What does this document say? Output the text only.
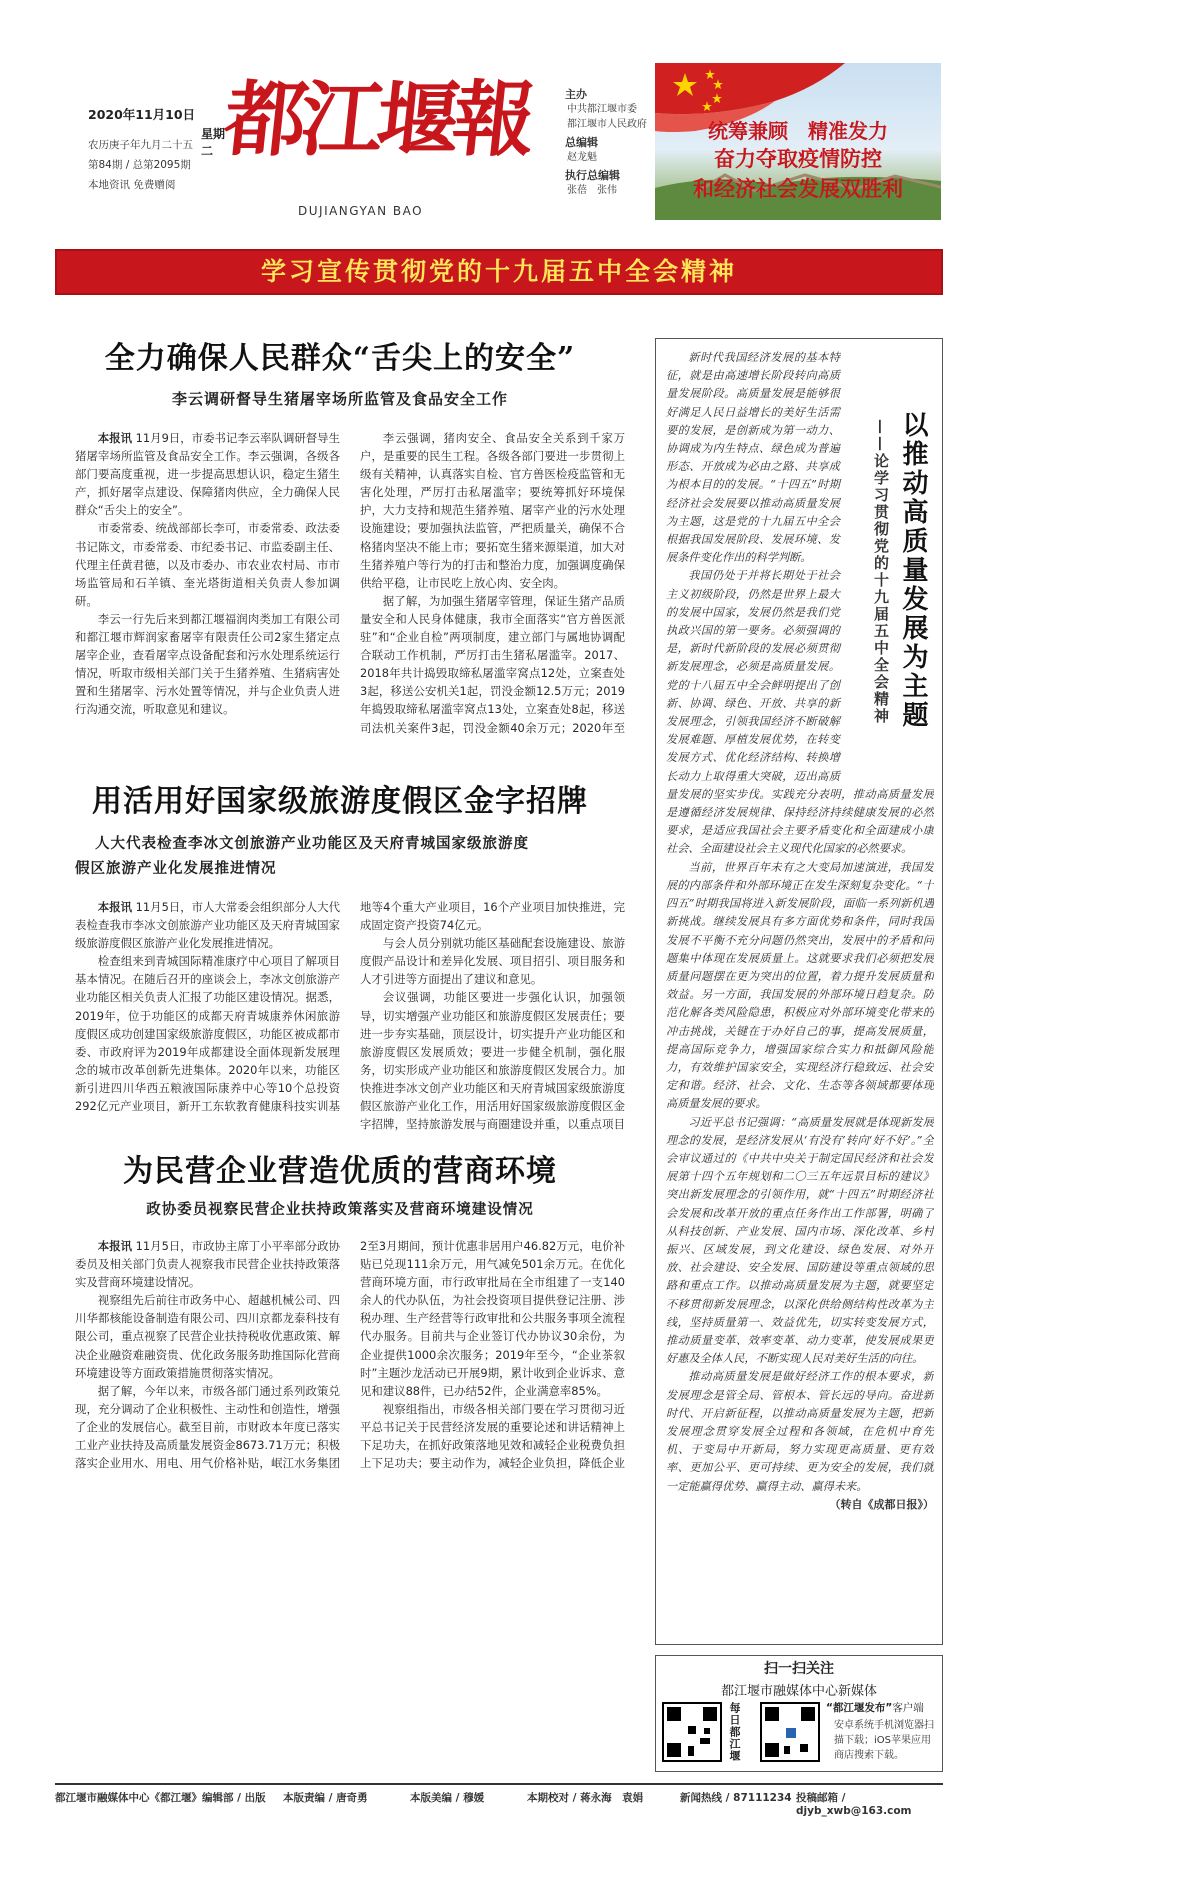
2020年11月10日
星期二
农历庚子年九月二十五
第84期 / 总第2095期
本地资讯 免费赠阅
都江堰報
DUJIANGYAN BAO
主办
中共都江堰市委
都江堰市人民政府
总编辑
赵龙魁
执行总编辑
张蓓　张伟
统筹兼顾　精准发力
奋力夺取疫情防控
和经济社会发展双胜利
学习宣传贯彻党的十九届五中全会精神
全力确保人民群众“舌尖上的安全”
李云调研督导生猪屠宰场所监管及食品安全工作

本报讯 11月9日，市委书记李云率队调研督导生猪屠宰场所监管及食品安全工作。李云强调，各级各部门要高度重视，进一步提高思想认识，稳定生猪生产，抓好屠宰点建设、保障猪肉供应，全力确保人民群众“舌尖上的安全”。

市委常委、统战部部长李可，市委常委、政法委书记陈文，市委常委、市纪委书记、市监委副主任、代理主任黄君德，以及市委办、市农业农村局、市市场监管局和石羊镇、奎光塔街道相关负责人参加调研。

李云一行先后来到都江堰福润肉类加工有限公司和都江堰市辉润家畜屠宰有限责任公司2家生猪定点屠宰企业，查看屠宰点设备配套和污水处理系统运行情况，听取市级相关部门关于生猪养殖、生猪病害处置和生猪屠宰、污水处置等情况，并与企业负责人进行沟通交流，听取意见和建议。

李云强调，猪肉安全、食品安全关系到千家万户，是重要的民生工程。各级各部门要进一步贯彻上级有关精神，认真落实自检、官方兽医检疫监管和无害化处理，严厉打击私屠滥宰；要统筹抓好环境保护，大力支持和规范生猪养殖、屠宰产业的污水处理设施建设；要加强执法监管，严把质量关，确保不合格猪肉坚决不能上市；要拓宽生猪来源渠道，加大对生猪养殖户等行为的打击和整治力度，加强调度确保供给平稳，让市民吃上放心肉、安全肉。

据了解，为加强生猪屠宰管理，保证生猪产品质量安全和人民身体健康，我市全面落实“官方兽医派驻”和“企业自检”两项制度，建立部门与属地协调配合联动工作机制，严厉打击生猪私屠滥宰。2017、2018年共计捣毁取缔私屠滥宰窝点12处，立案查处3起，移送公安机关1起，罚没金额12.5万元；2019年捣毁取缔私屠滥宰窝点13处，立案查处8起，移送司法机关案件3起，罚没金额40余万元；2020年至

用活用好国家级旅游度假区金字招牌
人大代表检查李冰文创旅游产业功能区及天府青城国家级旅游度
假区旅游产业化发展推进情况

本报讯 11月5日，市人大常委会组织部分人大代表检查我市李冰文创旅游产业功能区及天府青城国家级旅游度假区旅游产业化发展推进情况。

检查组来到青城国际精准康疗中心项目了解项目基本情况。在随后召开的座谈会上，李冰文创旅游产业功能区相关负责人汇报了功能区建设情况。据悉，2019年，位于功能区的成都天府青城康养休闲旅游度假区成功创建国家级旅游度假区，功能区被成都市委、市政府评为2019年成都建设全面体现新发展理念的城市改革创新先进集体。2020年以来，功能区新引进四川华西五粮液国际康养中心等10个总投资292亿元产业项目，新开工东软教育健康科技实训基地等4个重大产业项目，16个产业项目加快推进，完成固定资产投资74亿元。

与会人员分别就功能区基础配套设施建设、旅游度假产品设计和差异化发展、项目招引、项目服务和人才引进等方面提出了建议和意见。

会议强调，功能区要进一步强化认识，加强领导，切实增强产业功能区和旅游度假区发展责任；要进一步夯实基础，顶层设计，切实提升产业功能区和旅游度假区发展质效；要进一步健全机制，强化服务，切实形成产业功能区和旅游度假区发展合力。加快推进李冰文创产业功能区和天府青城国家级旅游度假区旅游产业化工作，用活用好国家级旅游度假区金字招牌，坚持旅游发展与商圈建设并重，以重点项目

为民营企业营造优质的营商环境
政协委员视察民营企业扶持政策落实及营商环境建设情况

本报讯 11月5日，市政协主席丁小平率部分政协委员及相关部门负责人视察我市民营企业扶持政策落实及营商环境建设情况。

视察组先后前往市政务中心、超越机械公司、四川华都核能设备制造有限公司、四川京都龙泰科技有限公司，重点视察了民营企业扶持税收优惠政策、解决企业融资难融资贵、优化政务服务助推国际化营商环境建设等方面政策措施贯彻落实情况。

据了解，今年以来，市级各部门通过系列政策兑现，充分调动了企业积极性、主动性和创造性，增强了企业的发展信心。截至目前，市财政本年度已落实工业产业扶持及高质量发展资金8673.71万元；积极落实企业用水、用电、用气价格补贴，岷江水务集团2至3月期间，预计优惠非居用户46.82万元，电价补贴已兑现111余万元，用气减免501余万元。在优化营商环境方面，市行政审批局在全市组建了一支140余人的代办队伍，为社会投资项目提供登记注册、涉税办理、生产经营等行政审批和公共服务事项全流程代办服务。目前共与企业签订代办协议30余份，为企业提供1000余次服务；2019年至今，“企业茶叙时”主题沙龙活动已开展9期，累计收到企业诉求、意见和建议88件，已办结52件，企业满意率85%。

视察组指出，市级各相关部门要在学习贯彻习近平总书记关于民营经济发展的重要论述和讲话精神上下足功夫，在抓好政策落地见效和减轻企业税费负担上下足功夫；要主动作为，减轻企业负担，降低企业

以推动高质量发展为主题
——论学习贯彻党的十九届五中全会精神

新时代我国经济发展的基本特征，就是由高速增长阶段转向高质量发展阶段。高质量发展是能够很好满足人民日益增长的美好生活需要的发展，是创新成为第一动力、协调成为内生特点、绿色成为普遍形态、开放成为必由之路、共享成为根本目的的发展。“十四五”时期经济社会发展要以推动高质量发展为主题，这是党的十九届五中全会根据我国发展阶段、发展环境、发展条件变化作出的科学判断。

我国仍处于并将长期处于社会主义初级阶段，仍然是世界上最大的发展中国家，发展仍然是我们党执政兴国的第一要务。必须强调的是，新时代新阶段的发展必须贯彻新发展理念，必须是高质量发展。党的十八届五中全会鲜明提出了创新、协调、绿色、开放、共享的新发展理念，引领我国经济不断破解发展难题、厚植发展优势，在转变发展方式、优化经济结构、转换增长动力上取得重大突破，迈出高质量发展的坚实步伐。实践充分表明，推动高质量发展是遵循经济发展规律、保持经济持续健康发展的必然要求，是适应我国社会主要矛盾变化和全面建成小康社会、全面建设社会主义现代化国家的必然要求。

当前，世界百年未有之大变局加速演进，我国发展的内部条件和外部环境正在发生深刻复杂变化。“十四五”时期我国将进入新发展阶段，面临一系列新机遇新挑战。继续发展具有多方面优势和条件，同时我国发展不平衡不充分问题仍然突出，发展中的矛盾和问题集中体现在发展质量上。这就要求我们必须把发展质量问题摆在更为突出的位置，着力提升发展质量和效益。另一方面，我国发展的外部环境日趋复杂。防范化解各类风险隐患，积极应对外部环境变化带来的冲击挑战，关键在于办好自己的事，提高发展质量，提高国际竞争力，增强国家综合实力和抵御风险能力，有效维护国家安全，实现经济行稳致远、社会安定和谐。经济、社会、文化、生态等各领域都要体现高质量发展的要求。

习近平总书记强调：“高质量发展就是体现新发展理念的发展，是经济发展从‘有没有’转向‘好不好’。”全会审议通过的《中共中央关于制定国民经济和社会发展第十四个五年规划和二〇三五年远景目标的建议》突出新发展理念的引领作用，就“十四五”时期经济社会发展和改革开放的重点任务作出工作部署，明确了从科技创新、产业发展、国内市场、深化改革、乡村振兴、区域发展，到文化建设、绿色发展、对外开放、社会建设、安全发展、国防建设等重点领域的思路和重点工作。以推动高质量发展为主题，就要坚定不移贯彻新发展理念，以深化供给侧结构性改革为主线，坚持质量第一、效益优先，切实转变发展方式，推动质量变革、效率变革、动力变革，使发展成果更好惠及全体人民，不断实现人民对美好生活的向往。

推动高质量发展是做好经济工作的根本要求，新发展理念是管全局、管根本、管长远的导向。奋进新时代、开启新征程，以推动高质量发展为主题，把新发展理念贯穿发展全过程和各领域，在危机中育先机、于变局中开新局，努力实现更高质量、更有效率、更加公平、更可持续、更为安全的发展，我们就一定能赢得优势、赢得主动、赢得未来。

（转自《成都日报》）

扫一扫关注
都江堰市融媒体中心新媒体
每日都江堰	“都江堰发布”客户端
安卓系统手机浏览器扫描下载；iOS苹果应用商店搜索下载。
都江堰市融媒体中心《都江堰》编辑部 / 出版	本版责编 / 唐奇勇	本版美编 / 穆媛	本期校对 / 蒋永海　袁娟	新闻热线 / 87111234 投稿邮箱 / djyb_xwb@163.com
